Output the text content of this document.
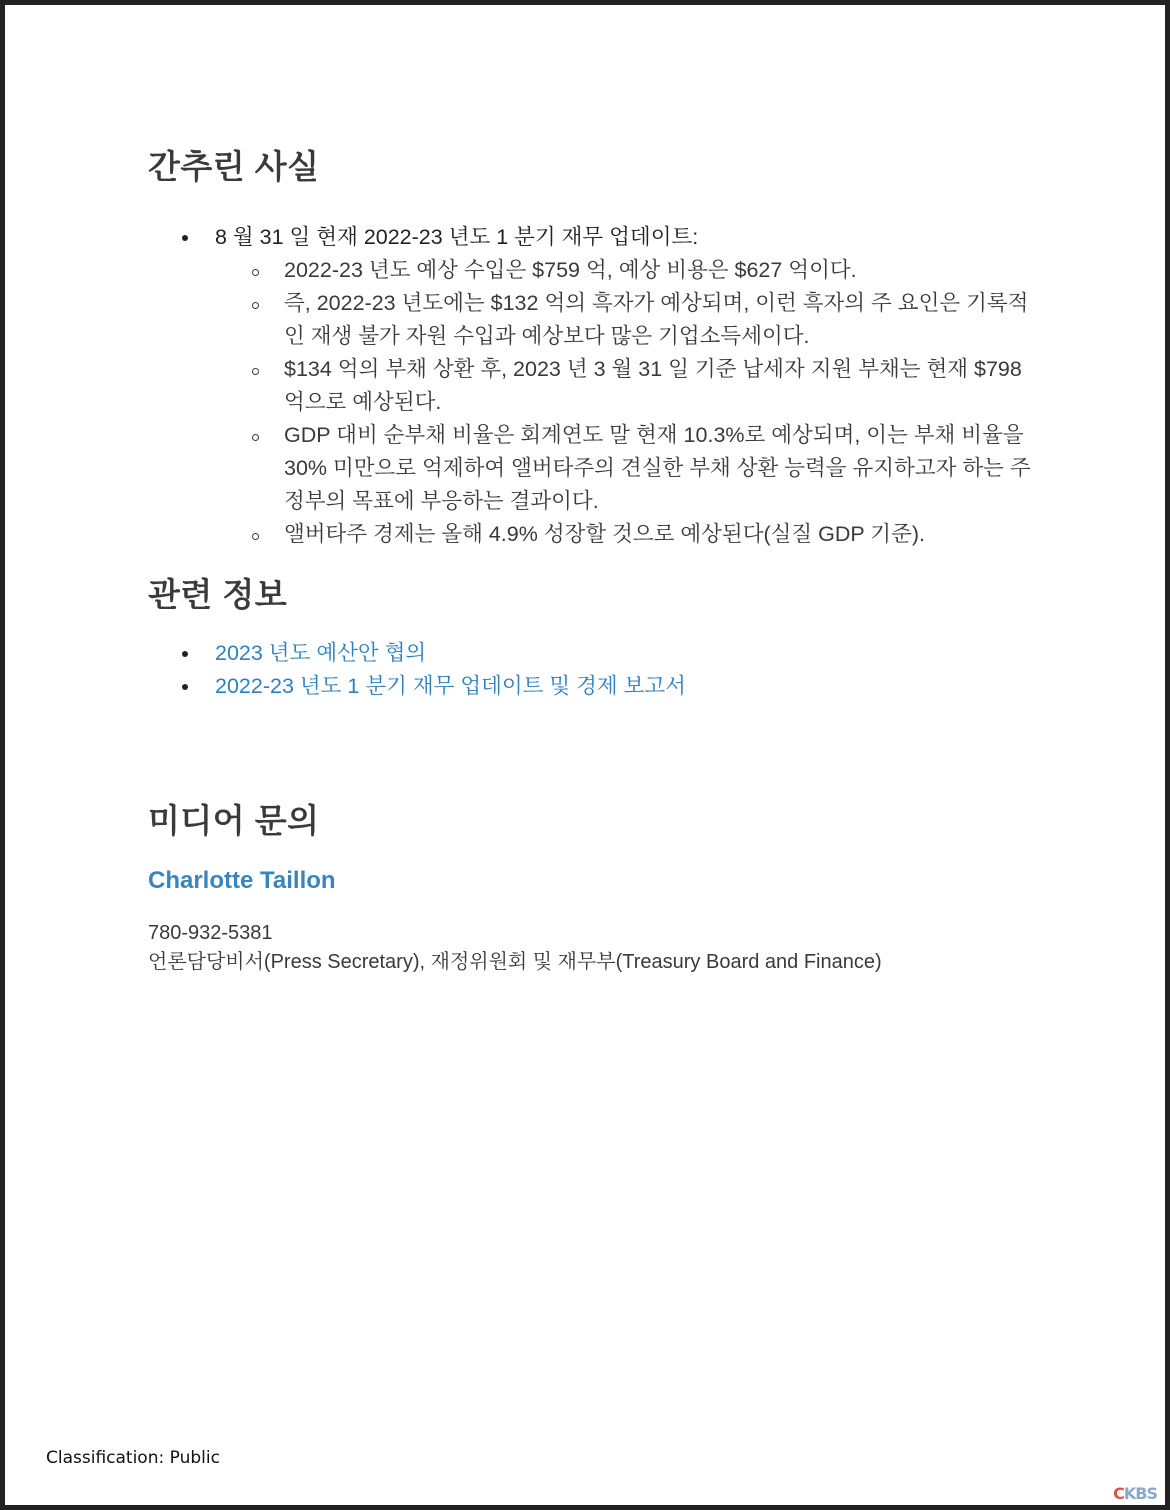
간추린 사실
8 월 31 일 현재 2022-23 년도 1 분기 재무 업데이트:
2022-23 년도 예상 수입은 $759 억, 예상 비용은 $627 억이다.
즉, 2022-23 년도에는 $132 억의 흑자가 예상되며, 이런 흑자의 주 요인은 기록적인 재생 불가 자원 수입과 예상보다 많은 기업소득세이다.
$134 억의 부채 상환 후, 2023 년 3 월 31 일 기준 납세자 지원 부채는 현재 $798 억으로 예상된다.
GDP 대비 순부채 비율은 회계연도 말 현재 10.3%로 예상되며, 이는 부채 비율을 30% 미만으로 억제하여 앨버타주의 견실한 부채 상환 능력을 유지하고자 하는 주 정부의 목표에 부응하는 결과이다.
앨버타주 경제는 올해 4.9% 성장할 것으로 예상된다(실질 GDP 기준).
관련 정보
2023 년도 예산안 협의
2022-23 년도 1 분기 재무 업데이트 및 경제 보고서
미디어 문의
Charlotte Taillon
780-932-5381
언론담당비서(Press Secretary), 재정위원회 및 재무부(Treasury Board and Finance)
Classification: Public
CKBS
